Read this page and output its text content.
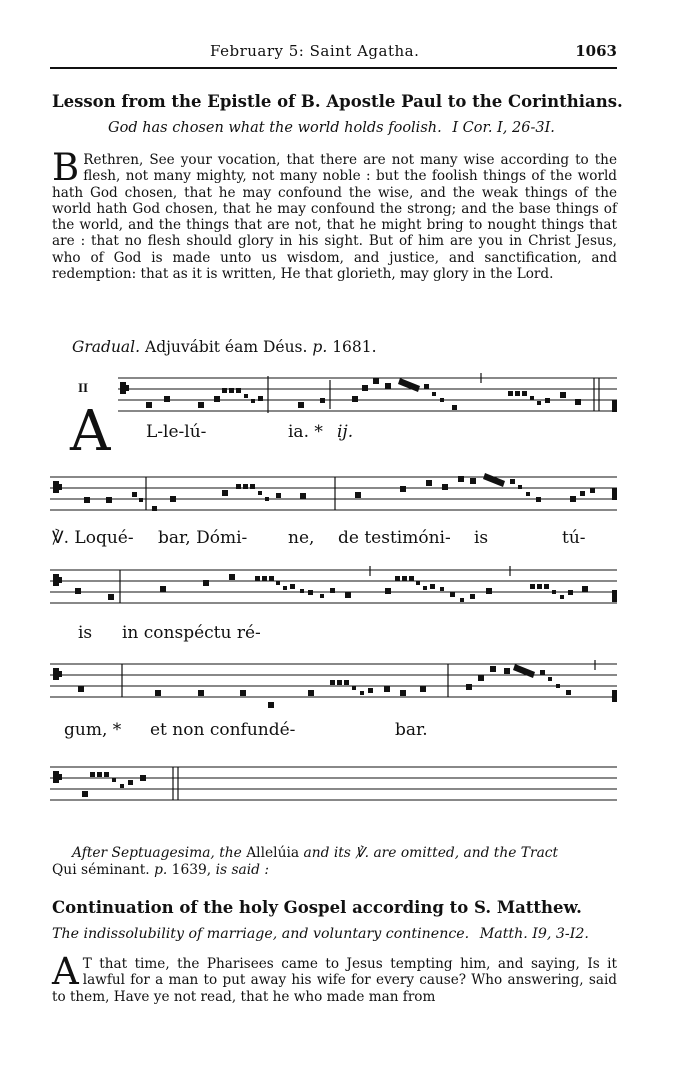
February 5: Saint Agatha.	1063
Lesson from the Epistle of B. Apostle Paul to the Corinthians.
God has chosen what the world holds foolish. I Cor. I, 26-3I.
B Rethren, See your vocation, that there are not many wise according to the flesh, not many mighty, not many noble : but the foolish things of the world hath God chosen, that he may confound the wise, and the weak things of the world hath God chosen, that he may confound the strong; and the base things of the world, and the things that are not, that he might bring to nought things that are : that no flesh should glory in his sight. But of him are you in Christ Jesus, who of God is made unto us wisdom, and justice, and sanctification, and redemption: that as it is written, He that glorieth, may glory in the Lord.
Gradual. Adjuvábit éam Déus. p. 1681.
II
A L-le-lú-	ia. * ij.
℣. Loqué- bar, Dómi- ne, de testimóni- is	tú-
is in conspéctu ré-
gum, * et non confundé-	bar.
After Septuagesima, the Allelúia and its ℣. are omitted, and the Tract
Qui séminant. p. 1639, is said :
Continuation of the holy Gospel according to S. Matthew.
The indissolubility of marriage, and voluntary continence. Matth. I9, 3-I2.
A T that time, the Pharisees came to Jesus tempting him, and saying, Is it lawful for a man to put away his wife for every cause? Who answering, said to them, Have ye not read, that he who made man from
